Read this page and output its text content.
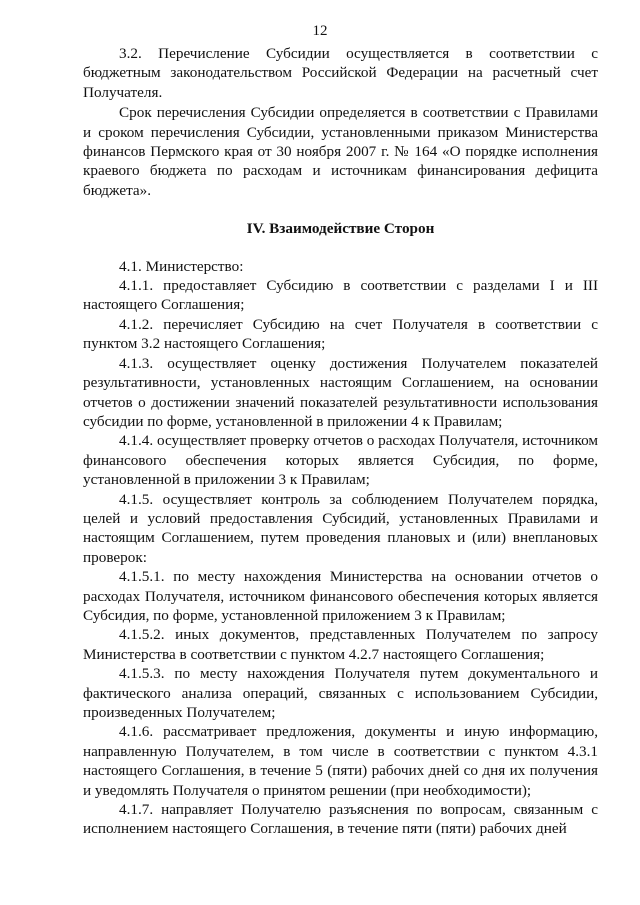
12

3.2. Перечисление Субсидии осуществляется в соответствии с бюджетным законодательством Российской Федерации на расчетный счет Получателя.

Срок перечисления Субсидии определяется в соответствии с Правилами и сроком перечисления Субсидии, установленными приказом Министерства финансов Пермского края от 30 ноября 2007 г. № 164 «О порядке исполнения краевого бюджета по расходам и источникам финансирования дефицита бюджета».

IV. Взаимодействие Сторон

4.1. Министерство:

4.1.1. предоставляет Субсидию в соответствии с разделами I и III настоящего Соглашения;

4.1.2. перечисляет Субсидию на счет Получателя в соответствии с пунктом 3.2 настоящего Соглашения;

4.1.3. осуществляет оценку достижения Получателем показателей результативности, установленных настоящим Соглашением, на основании отчетов о достижении значений показателей результативности использования субсидии по форме, установленной в приложении 4 к Правилам;

4.1.4. осуществляет проверку отчетов о расходах Получателя, источником финансового обеспечения которых является Субсидия, по форме, установленной в приложении 3 к Правилам;

4.1.5. осуществляет контроль за соблюдением Получателем порядка, целей и условий предоставления Субсидий, установленных Правилами и настоящим Соглашением, путем проведения плановых и (или) внеплановых проверок:

4.1.5.1. по месту нахождения Министерства на основании отчетов о расходах Получателя, источником финансового обеспечения которых является Субсидия, по форме, установленной приложением 3 к Правилам;

4.1.5.2. иных документов, представленных Получателем по запросу Министерства в соответствии с пунктом 4.2.7 настоящего Соглашения;

4.1.5.3. по месту нахождения Получателя путем документального и фактического анализа операций, связанных с использованием Субсидии, произведенных Получателем;

4.1.6. рассматривает предложения, документы и иную информацию, направленную Получателем, в том числе в соответствии с пунктом 4.3.1 настоящего Соглашения, в течение 5 (пяти) рабочих дней со дня их получения и уведомлять Получателя о принятом решении (при необходимости);

4.1.7. направляет Получателю разъяснения по вопросам, связанным с исполнением настоящего Соглашения, в течение пяти (пяти) рабочих дней
